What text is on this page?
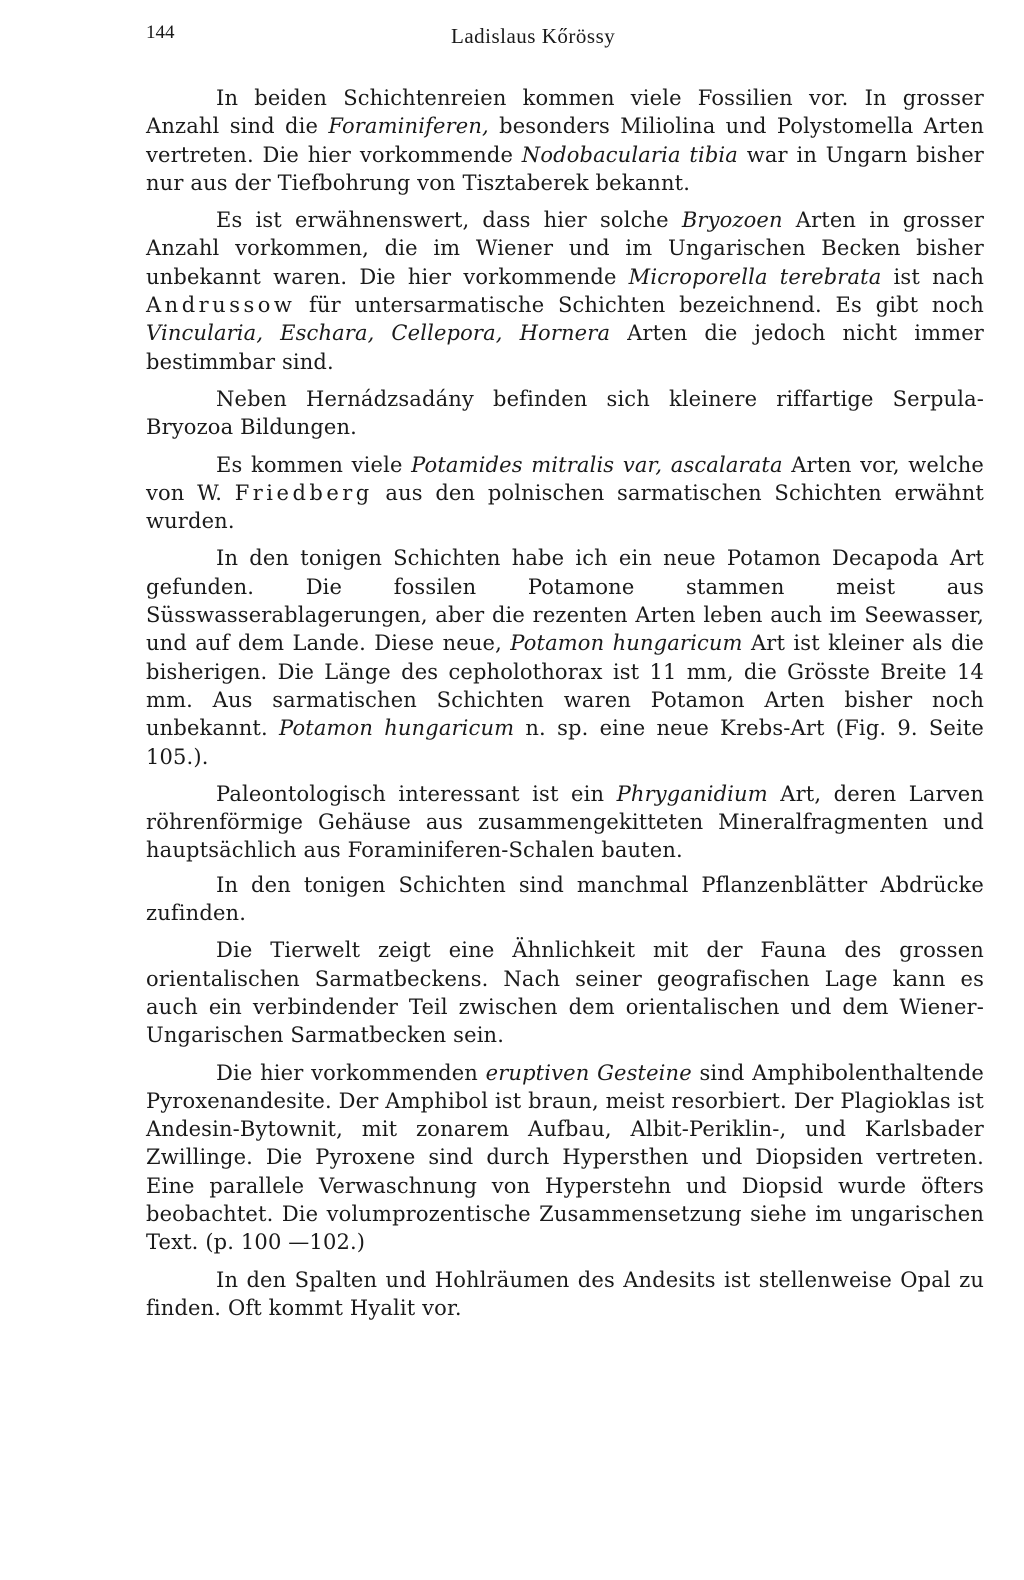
144	Ladislaus Kőrössy

In beiden Schichtenreien kommen viele Fossilien vor. In grosser Anzahl sind die Foraminiferen, besonders Miliolina und Polystomella Arten vertreten. Die hier vorkommende Nodobacularia tibia war in Ungarn bisher nur aus der Tiefbohrung von Tisztaberek bekannt.

Es ist erwähnenswert, dass hier solche Bryozoen Arten in grosser Anzahl vorkommen, die im Wiener und im Ungarischen Becken bisher unbekannt waren. Die hier vorkommende Microporella terebrata ist nach Andrussow für untersarmatische Schichten bezeichnend. Es gibt noch Vincularia, Eschara, Cellepora, Hornera Arten die jedoch nicht immer bestimmbar sind.

Neben Hernádzsadány befinden sich kleinere riffartige Serpula-Bryozoa Bildungen.

Es kommen viele Potamides mitralis var, ascalarata Arten vor, welche von W. Friedberg aus den polnischen sarmatischen Schichten erwähnt wurden.

In den tonigen Schichten habe ich ein neue Potamon Decapoda Art gefunden. Die fossilen Potamone stammen meist aus Süsswasserablagerungen, aber die rezenten Arten leben auch im Seewasser, und auf dem Lande. Diese neue, Potamon hungaricum Art ist kleiner als die bisherigen. Die Länge des cepholothorax ist 11 mm, die Grösste Breite 14 mm. Aus sarmatischen Schichten waren Potamon Arten bisher noch unbekannt. Potamon hungaricum n. sp. eine neue Krebs-Art (Fig. 9. Seite 105.).

Paleontologisch interessant ist ein Phryganidium Art, deren Larven röhrenförmige Gehäuse aus zusammengekitteten Mineralfragmenten und hauptsächlich aus Foraminiferen-Schalen bauten.

In den tonigen Schichten sind manchmal Pflanzenblätter Abdrücke zufinden.

Die Tierwelt zeigt eine Ähnlichkeit mit der Fauna des grossen orientalischen Sarmatbeckens. Nach seiner geografischen Lage kann es auch ein verbindender Teil zwischen dem orientalischen und dem Wiener-Ungarischen Sarmatbecken sein.

Die hier vorkommenden eruptiven Gesteine sind Amphibolenthaltende Pyroxenandesite. Der Amphibol ist braun, meist resorbiert. Der Plagioklas ist Andesin-Bytownit, mit zonarem Aufbau, Albit-Periklin-, und Karlsbader Zwillinge. Die Pyroxene sind durch Hypersthen und Diopsiden vertreten. Eine parallele Verwaschnung von Hyperstehn und Diopsid wurde öfters beobachtet. Die volumprozentische Zusammensetzung siehe im ungarischen Text. (p. 100 —102.)

In den Spalten und Hohlräumen des Andesits ist stellenweise Opal zu finden. Oft kommt Hyalit vor.
